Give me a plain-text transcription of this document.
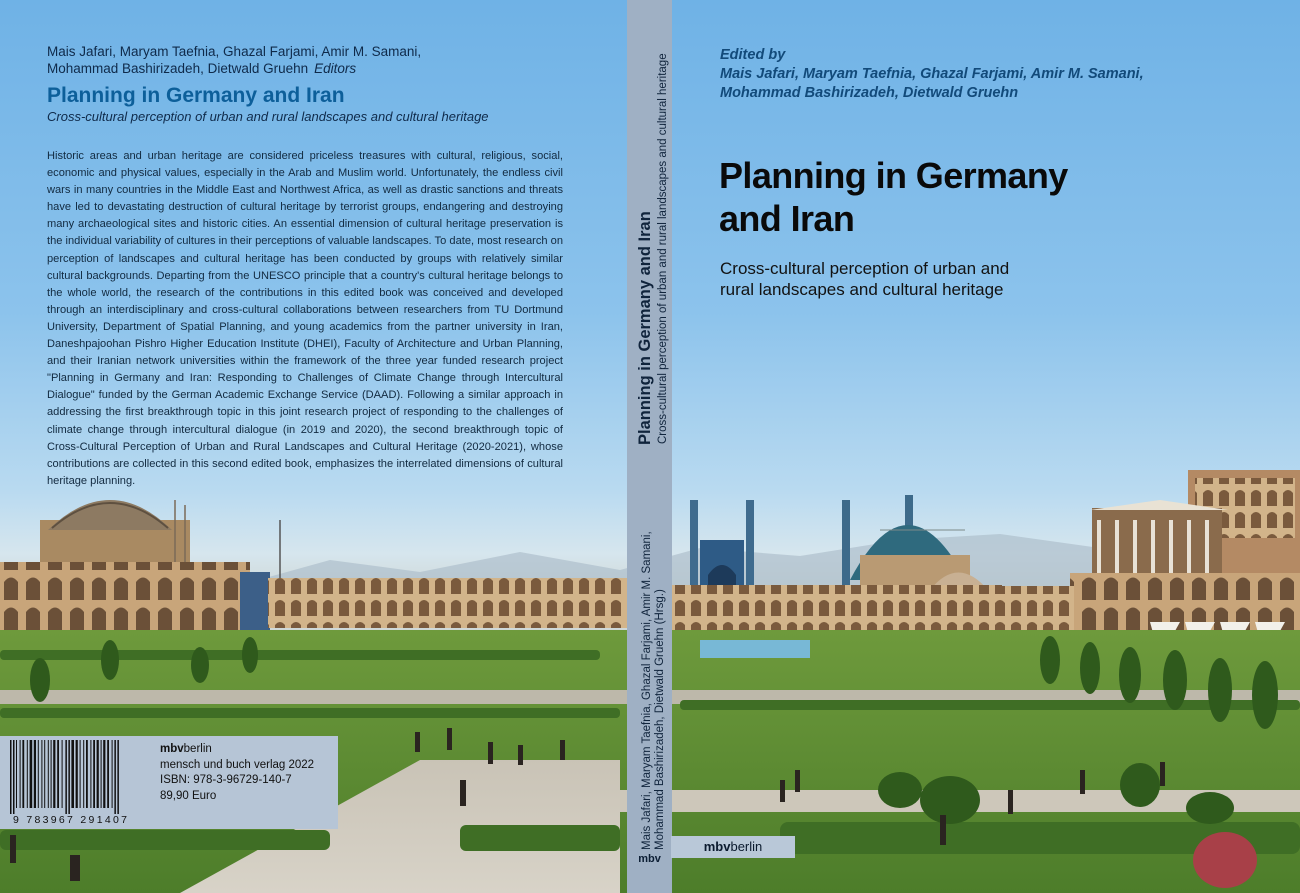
Mais Jafari, Maryam Taefnia, Ghazal Farjami, Amir M. Samani,
Mohammad Bashirizadeh, Dietwald Gruehn Editors
Planning in Germany and Iran
Cross-cultural perception of urban and rural landscapes and cultural heritage
Historic areas and urban heritage are considered priceless treasures with cultural, religious, social, economic and physical values, especially in the Arab and Muslim world. Unfortunately, the endless civil wars in many countries in the Middle East and Northwest Africa, as well as drastic sanctions and threats have led to devastating destruction of cultural heritage by terrorist groups, endangering and destroying many archaeological sites and historic cities. An essential dimension of cultural heritage preservation is the individual variability of cultures in their perceptions of valuable landscapes. To date, most research on perception of landscapes and cultural heritage has been conducted by groups with relatively similar cultural backgrounds. Departing from the UNESCO principle that a country's cultural heritage belongs to the whole world, the research of the contributions in this edited book was conceived and developed through an interdisciplinary and cross-cultural collaborations between researchers from TU Dortmund University, Department of Spatial Planning, and young academics from the partner university in Iran, Daneshpajoohan Pishro Higher Education Institute (DHEI), Faculty of Architecture and Urban Planning, and their Iranian network universities within the framework of the three year funded research project "Planning in Germany and Iran: Responding to Challenges of Climate Change through Intercultural Dialogue" funded by the German Academic Exchange Service (DAAD). Following a similar approach in addressing the first breakthrough topic in this joint research project of responding to the challenges of climate change through intercultural dialogue (in 2019 and 2020), the second breakthrough topic of Cross-Cultural Perception of Urban and Rural Landscapes and Cultural Heritage (2020-2021), whose contributions are collected in this second edited book, emphasizes the interrelated dimensions of cultural heritage planning.
9 783967 291407
mbvberlin
mensch und buch verlag 2022
ISBN: 978-3-96729-140-7
89,90 Euro
Planning in Germany and Iran Cross-cultural perception of urban and rural landscapes and cultural heritage
Mais Jafari, Maryam Taefnia, Ghazal Farjami, Amir M. Samani, Mohammad Bashirizadeh, Dietwald Gruehn (Hrsg.)
mbv
Edited by
Mais Jafari, Maryam Taefnia, Ghazal Farjami, Amir M. Samani,
Mohammad Bashirizadeh, Dietwald Gruehn
Planning in Germany
and Iran
Cross-cultural perception of urban and
rural landscapes and cultural heritage
mbvberlin
